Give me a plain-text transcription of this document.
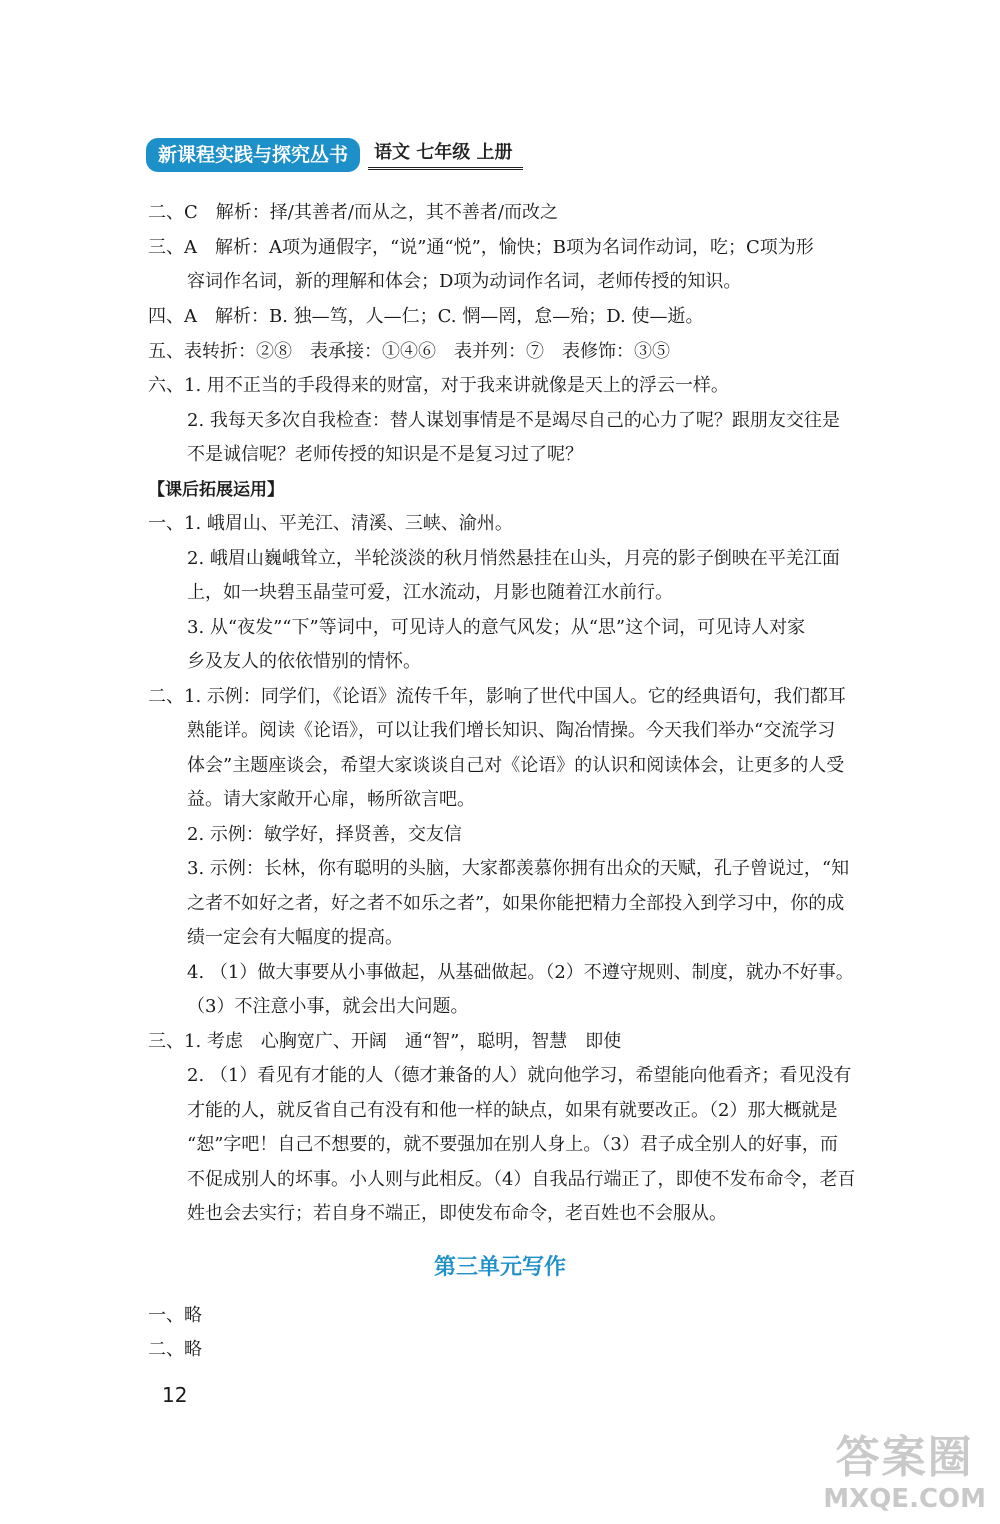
新课程实践与探究丛书	语文 七年级 上册
二、C　解析：择/其善者/而从之，其不善者/而改之
三、A　解析：A项为通假字，“说”通“悦”，愉快；B项为名词作动词，吃；C项为形
容词作名词，新的理解和体会；D项为动词作名词，老师传授的知识。
四、A　解析：B. 独—笃，人—仁；C. 惘—罔，怠—殆；D. 使—逝。
五、表转折：②⑧　表承接：①④⑥　表并列：⑦　表修饰：③⑤
六、1. 用不正当的手段得来的财富，对于我来讲就像是天上的浮云一样。
2. 我每天多次自我检查：替人谋划事情是不是竭尽自己的心力了呢？跟朋友交往是
不是诚信呢？老师传授的知识是不是复习过了呢？
【课后拓展运用】
一、1. 峨眉山、平羌江、清溪、三峡、渝州。
2. 峨眉山巍峨耸立，半轮淡淡的秋月悄然悬挂在山头，月亮的影子倒映在平羌江面
上，如一块碧玉晶莹可爱，江水流动，月影也随着江水前行。
3. 从“夜发”“下”等词中，可见诗人的意气风发；从“思”这个词，可见诗人对家
乡及友人的依依惜别的情怀。
二、1. 示例：同学们，《论语》流传千年，影响了世代中国人。它的经典语句，我们都耳
熟能详。阅读《论语》，可以让我们增长知识、陶冶情操。今天我们举办“交流学习
体会”主题座谈会，希望大家谈谈自己对《论语》的认识和阅读体会，让更多的人受
益。请大家敞开心扉，畅所欲言吧。
2. 示例：敏学好，择贤善，交友信
3. 示例：长林，你有聪明的头脑，大家都羡慕你拥有出众的天赋，孔子曾说过，“知
之者不如好之者，好之者不如乐之者”，如果你能把精力全部投入到学习中，你的成
绩一定会有大幅度的提高。
4. （1）做大事要从小事做起，从基础做起。（2）不遵守规则、制度，就办不好事。
（3）不注意小事，就会出大问题。
三、1. 考虑　心胸宽广、开阔　通“智”，聪明，智慧　即使
2. （1）看见有才能的人（德才兼备的人）就向他学习，希望能向他看齐；看见没有
才能的人，就反省自己有没有和他一样的缺点，如果有就要改正。（2）那大概就是
“恕”字吧！自己不想要的，就不要强加在别人身上。（3）君子成全别人的好事，而
不促成别人的坏事。小人则与此相反。（4）自我品行端正了，即使不发布命令，老百
姓也会去实行；若自身不端正，即使发布命令，老百姓也不会服从。
第三单元写作
一、略
二、略
12
答案圈
MXQE.COM
